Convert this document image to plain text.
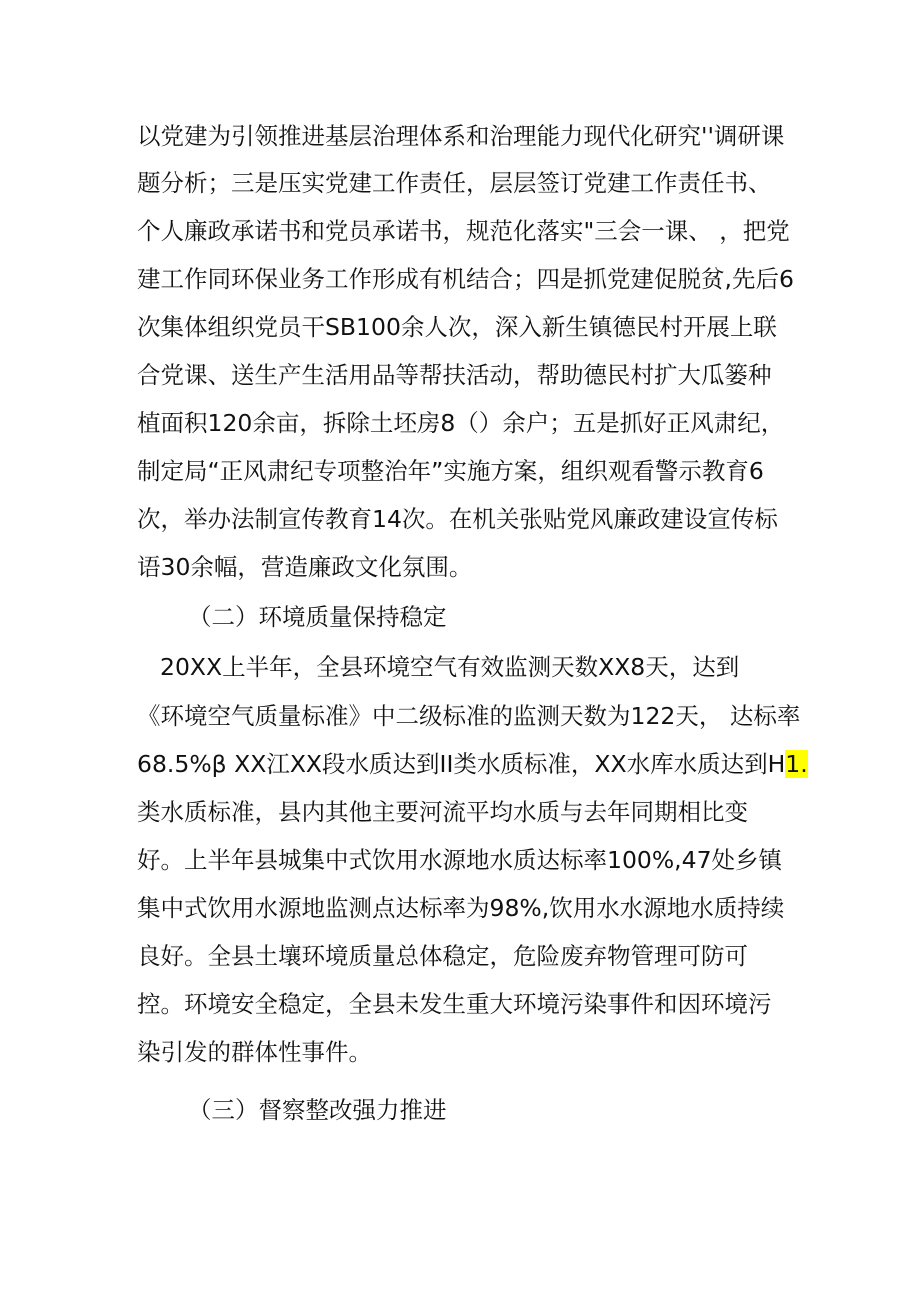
以党建为引领推进基层治理体系和治理能力现代化研究''调研课
题分析；三是压实党建工作责任，层层签订党建工作责任书、
个人廉政承诺书和党员承诺书，规范化落实"三会一课、 ，把党
建工作同环保业务工作形成有机结合；四是抓党建促脱贫,先后6
次集体组织党员干SB100余人次，深入新生镇德民村开展上联
合党课、送生产生活用品等帮扶活动，帮助德民村扩大瓜篓种
植面积120余亩，拆除土坯房8（）余户；五是抓好正风肃纪，
制定局“正风肃纪专项整治年”实施方案，组织观看警示教育6
次，举办法制宣传教育14次。在机关张贴党风廉政建设宣传标
语30余幅，营造廉政文化氛围。
（二）环境质量保持稳定
20XX上半年，全县环境空气有效监测天数XX8天，达到
《环境空气质量标准》中二级标准的监测天数为122天， 达标率
68.5%β XX江XX段水质达到II类水质标准，XX水库水质达到H1.
类水质标准，县内其他主要河流平均水质与去年同期相比变
好。上半年县城集中式饮用水源地水质达标率100%,47处乡镇
集中式饮用水源地监测点达标率为98%,饮用水水源地水质持续
良好。全县土壤环境质量总体稳定，危险废弃物管理可防可
控。环境安全稳定，全县未发生重大环境污染事件和因环境污
染引发的群体性事件。
（三）督察整改强力推进
